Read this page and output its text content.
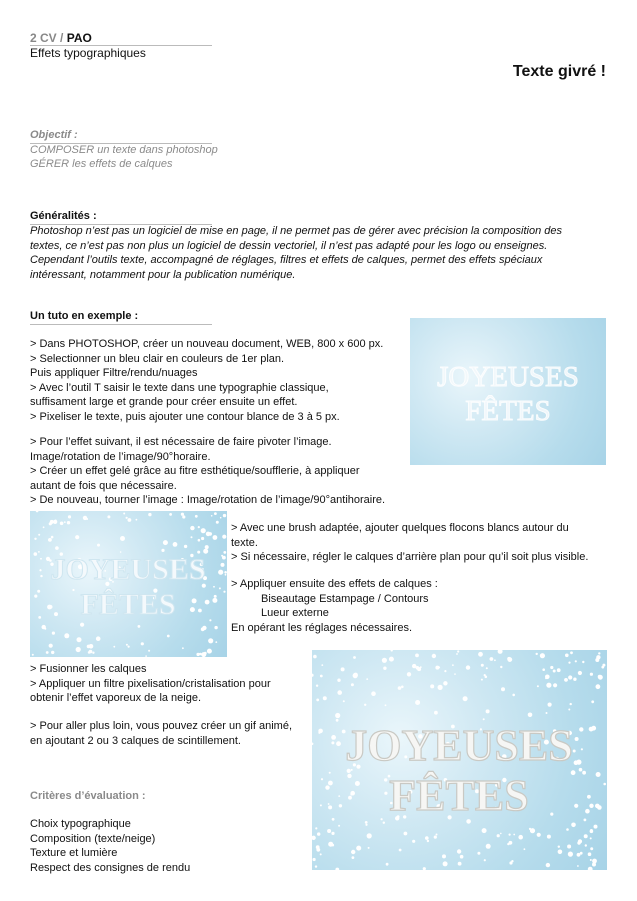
2 CV / PAO
Effets typographiques
Texte givré !
Objectif :
COMPOSER un texte dans photoshop
GÉRER les effets de calques
Généralités :
Photoshop n’est pas un logiciel de mise en page, il ne permet pas de gérer avec précision la composition des
textes, ce n’est pas non plus un logiciel de dessin vectoriel, il n’est pas adapté pour les logo ou enseignes.
Cependant l’outils texte, accompagné de réglages, filtres et effets de calques, permet des effets spéciaux
intéressant, notamment pour la publication numérique.
Un tuto en exemple :
> Dans PHOTOSHOP, créer un nouveau document, WEB, 800 x 600 px.
> Selectionner un bleu clair en couleurs de 1er plan.
Puis appliquer Filtre/rendu/nuages
> Avec l’outil T saisir le texte dans une typographie classique,
suffisament large et grande pour créer ensuite un effet.
> Pixeliser le texte, puis ajouter une contour blance de 3 à 5 px.
> Pour l’effet suivant, il est nécessaire de faire pivoter l’image.
Image/rotation de l’image/90°horaire.
> Créer un effet gelé grâce au fitre esthétique/soufflerie, à appliquer
autant de fois que nécessaire.
> De nouveau, tourner l’image : Image/rotation de l’image/90°antihoraire.
> Avec une brush adaptée, ajouter quelques flocons blancs autour du
texte.
> Si nécessaire, régler le calques d’arrière plan pour qu’il soit plus visible.
> Appliquer ensuite des effets de calques :
Biseautage Estampage / Contours
Lueur externe
En opérant les réglages nécessaires.
> Fusionner les calques
> Appliquer un filtre pixelisation/cristalisation pour
obtenir l’effet vaporeux de la neige.
> Pour aller plus loin, vous pouvez créer un gif animé,
en ajoutant 2 ou 3 calques de scintillement.
Critères d’évaluation :
Choix typographique
Composition (texte/neige)
Texture et lumière
Respect des consignes de rendu
JOYEUSES
FÊTES
JOYEUSES
FÊTES
JOYEUSES
FÊTES
